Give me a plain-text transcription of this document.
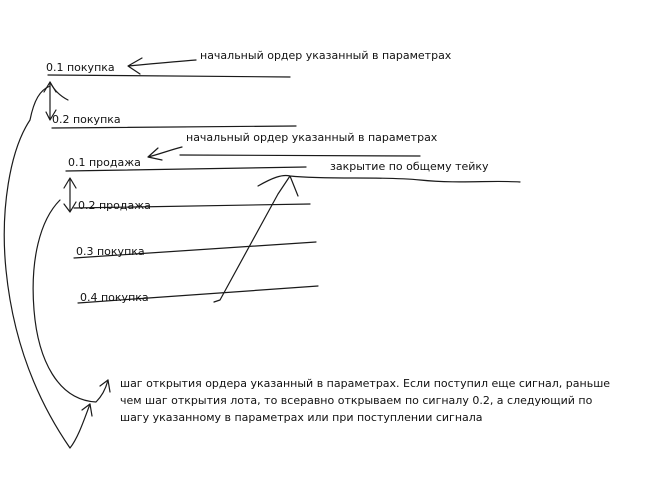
0.1 покупка
0.2 покупка
0.1 продажа
0.2 продажа
0.3 покупка
0.4 покупка
начальный ордер указанный в параметрах
начальный ордер указанный в параметрах
закрытие по общему тейку
шаг открытия ордера указанный в параметрах. Если поступил еще сигнал, раньше
чем шаг открытия лота, то всеравно открываем по сигналу 0.2, а следующий по
шагу указанному в параметрах или при поступлении сигнала
